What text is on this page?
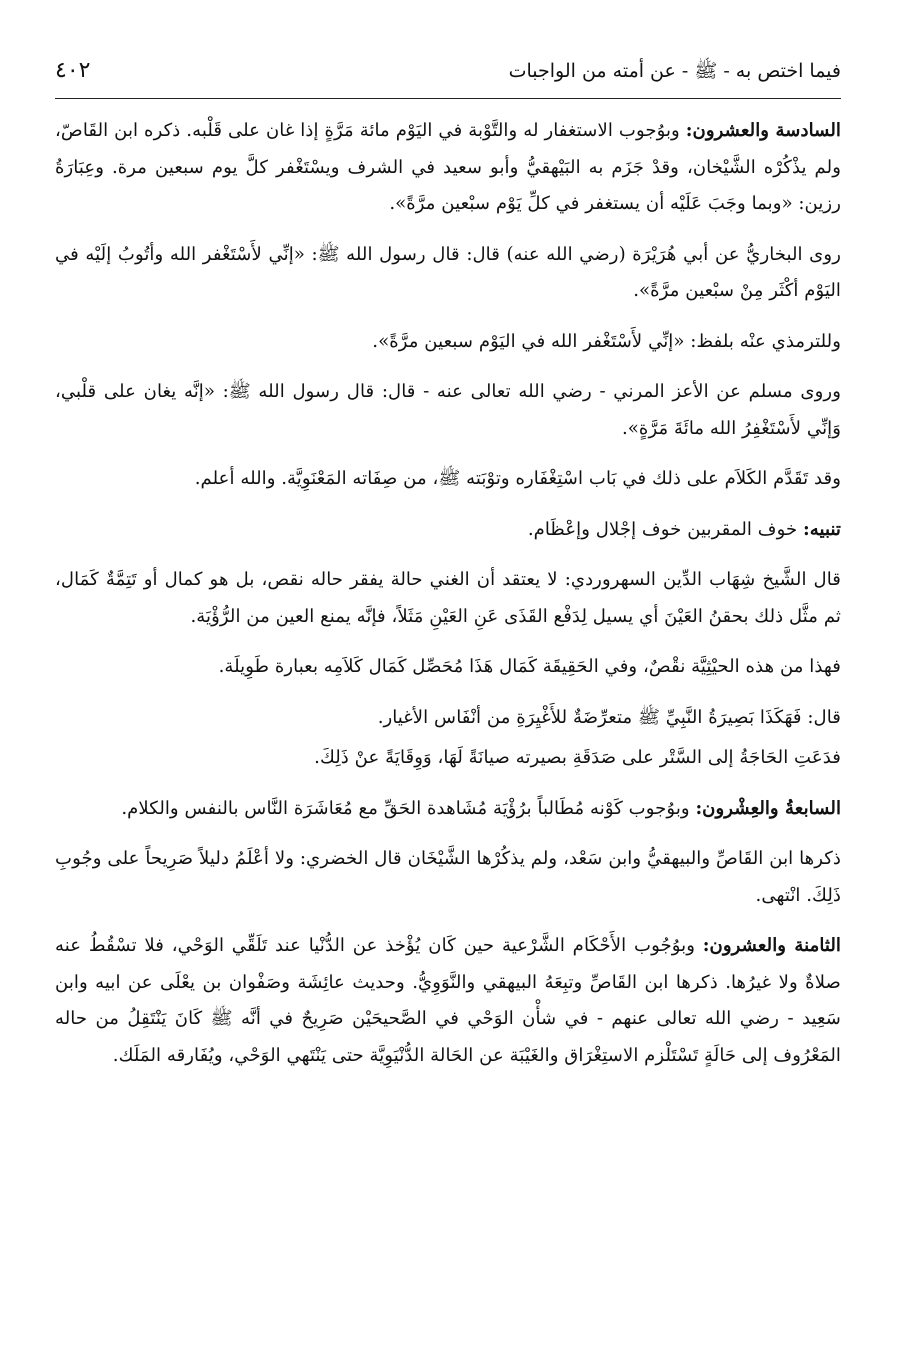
فيما اختص به - ﷺ - عن أمته من الواجبات
٤٠٢

السادسة والعشرون: وبوُجوب الاستغفار له والتَّوْبة في اليَوْم مائة مَرَّةٍ إذا غان على قَلْبه. ذكره ابن القَاصّ، ولم يذْكُرْه الشَّيْخان، وقدْ جَزَم به البَيْهقيُّ وأبو سعيد في الشرف ويسْتَغْفر كلَّ يوم سبعين مرة. وعِبَارَةُ رزين: «وبما وجَبَ عَلَيْه أن يستغفر في كلِّ يَوْم سبْعين مرَّةً».

روى البخاريُّ عن أبي هُرَيْرَة (رضي الله عنه) قال: قال رسول الله ﷺ: «إنِّي لأَسْتَغْفر الله وأتُوبُ إلَيْه في اليَوْم أكْثَر مِنْ سبْعين مرَّةً».

وللترمذي عنْه بلفظ: «إنِّي لأَسْتَغْفر الله في اليَوْم سبعين مرَّةً».

وروى مسلم عن الأعز المرني - رضي الله تعالى عنه - قال: قال رسول الله ﷺ: «إنَّه يغان على قلْبي، وَإنِّي لأَسْتَغْفِرُ الله مائَةَ مَرَّةٍ».

وقد تَقَدَّم الكَلاَم على ذلك في بَاب اسْتِغْفَاره وتوْبَته ﷺ، من صِفَاته المَعْنَوِيَّة. والله أعلم.

تنبيه: خوف المقربين خوف إجْلال وإعْظَام.

قال الشَّيخ شِهَاب الدِّين السهروردي: لا يعتقد أن الغني حالة يفقر حاله نقص، بل هو كمال أو تَتِمَّةٌ كَمَال، ثم مثَّل ذلك بحقنُ العَيْنَ أي يسيل لِدَفْع القَذَى عَنِ العَيْنِ مَثَلاً، فإنَّه يمنع العين من الرُّؤْيَة.

فهذا من هذه الحيْثِيَّة نقْصٌ، وفي الحَقِيقَة كَمَال هَذَا مُحَصِّل كَمَال كَلاَمِه بعبارة طَوِيلَة.

قال: فَهَكَذَا بَصِيرَةُ النَّبِيِّ ﷺ متعرِّضَةٌ للأَغْيِرَةِ من أنْفَاس الأغيار.

فدَعَتِ الحَاجَةُ إلى السَّتْر على صَدَقَةِ بصيرته صيانَةً لَهَا، وَوِقَايَةً عنْ ذَلِكَ.

السابعةُ والعِشْرون: وبوُجوب كَوْنه مُطَالباً برُؤْيَة مُشَاهدة الحَقِّ مع مُعَاشَرَة النَّاس بالنفس والكلام.

ذكرها ابن القَاصِّ والبيهقيُّ وابن سَعْد، ولم يذكُرْها الشَّيْخَان قال الخضري: ولا أعْلَمُ دليلاً صَرِيحاً على وجُوبِ ذَلِكَ. انْتهى.

الثامنة والعشرون: وبوُجُوب الأَحْكَام الشَّرْعية حين كَان يُؤْخذ عن الدُّنْيا عند تَلَقِّي الوَحْي، فلا تسْقُطُ عنه صلاةٌ ولا غيرُها. ذكرها ابن القَاصِّ وتبِعَهُ البيهقي والنَّوَوِيُّ. وحديث عائِشَة وصَفْوان بن يعْلَى عن ابيه وابن سَعِيد - رضي الله تعالى عنهم - في شأْن الوَحْي في الصَّحيحَيْن صَرِيحٌ في أنَّه ﷺ كَانَ يَنْتَقِلُ من حاله المَعْرُوف إلى حَالَةٍ تَسْتَلْزم الاستِغْرَاق والغَيْبَة عن الحَالة الدُّنْيَوِيَّة حتى يَنْتَهي الوَحْي، ويُفَارقه المَلَك.
